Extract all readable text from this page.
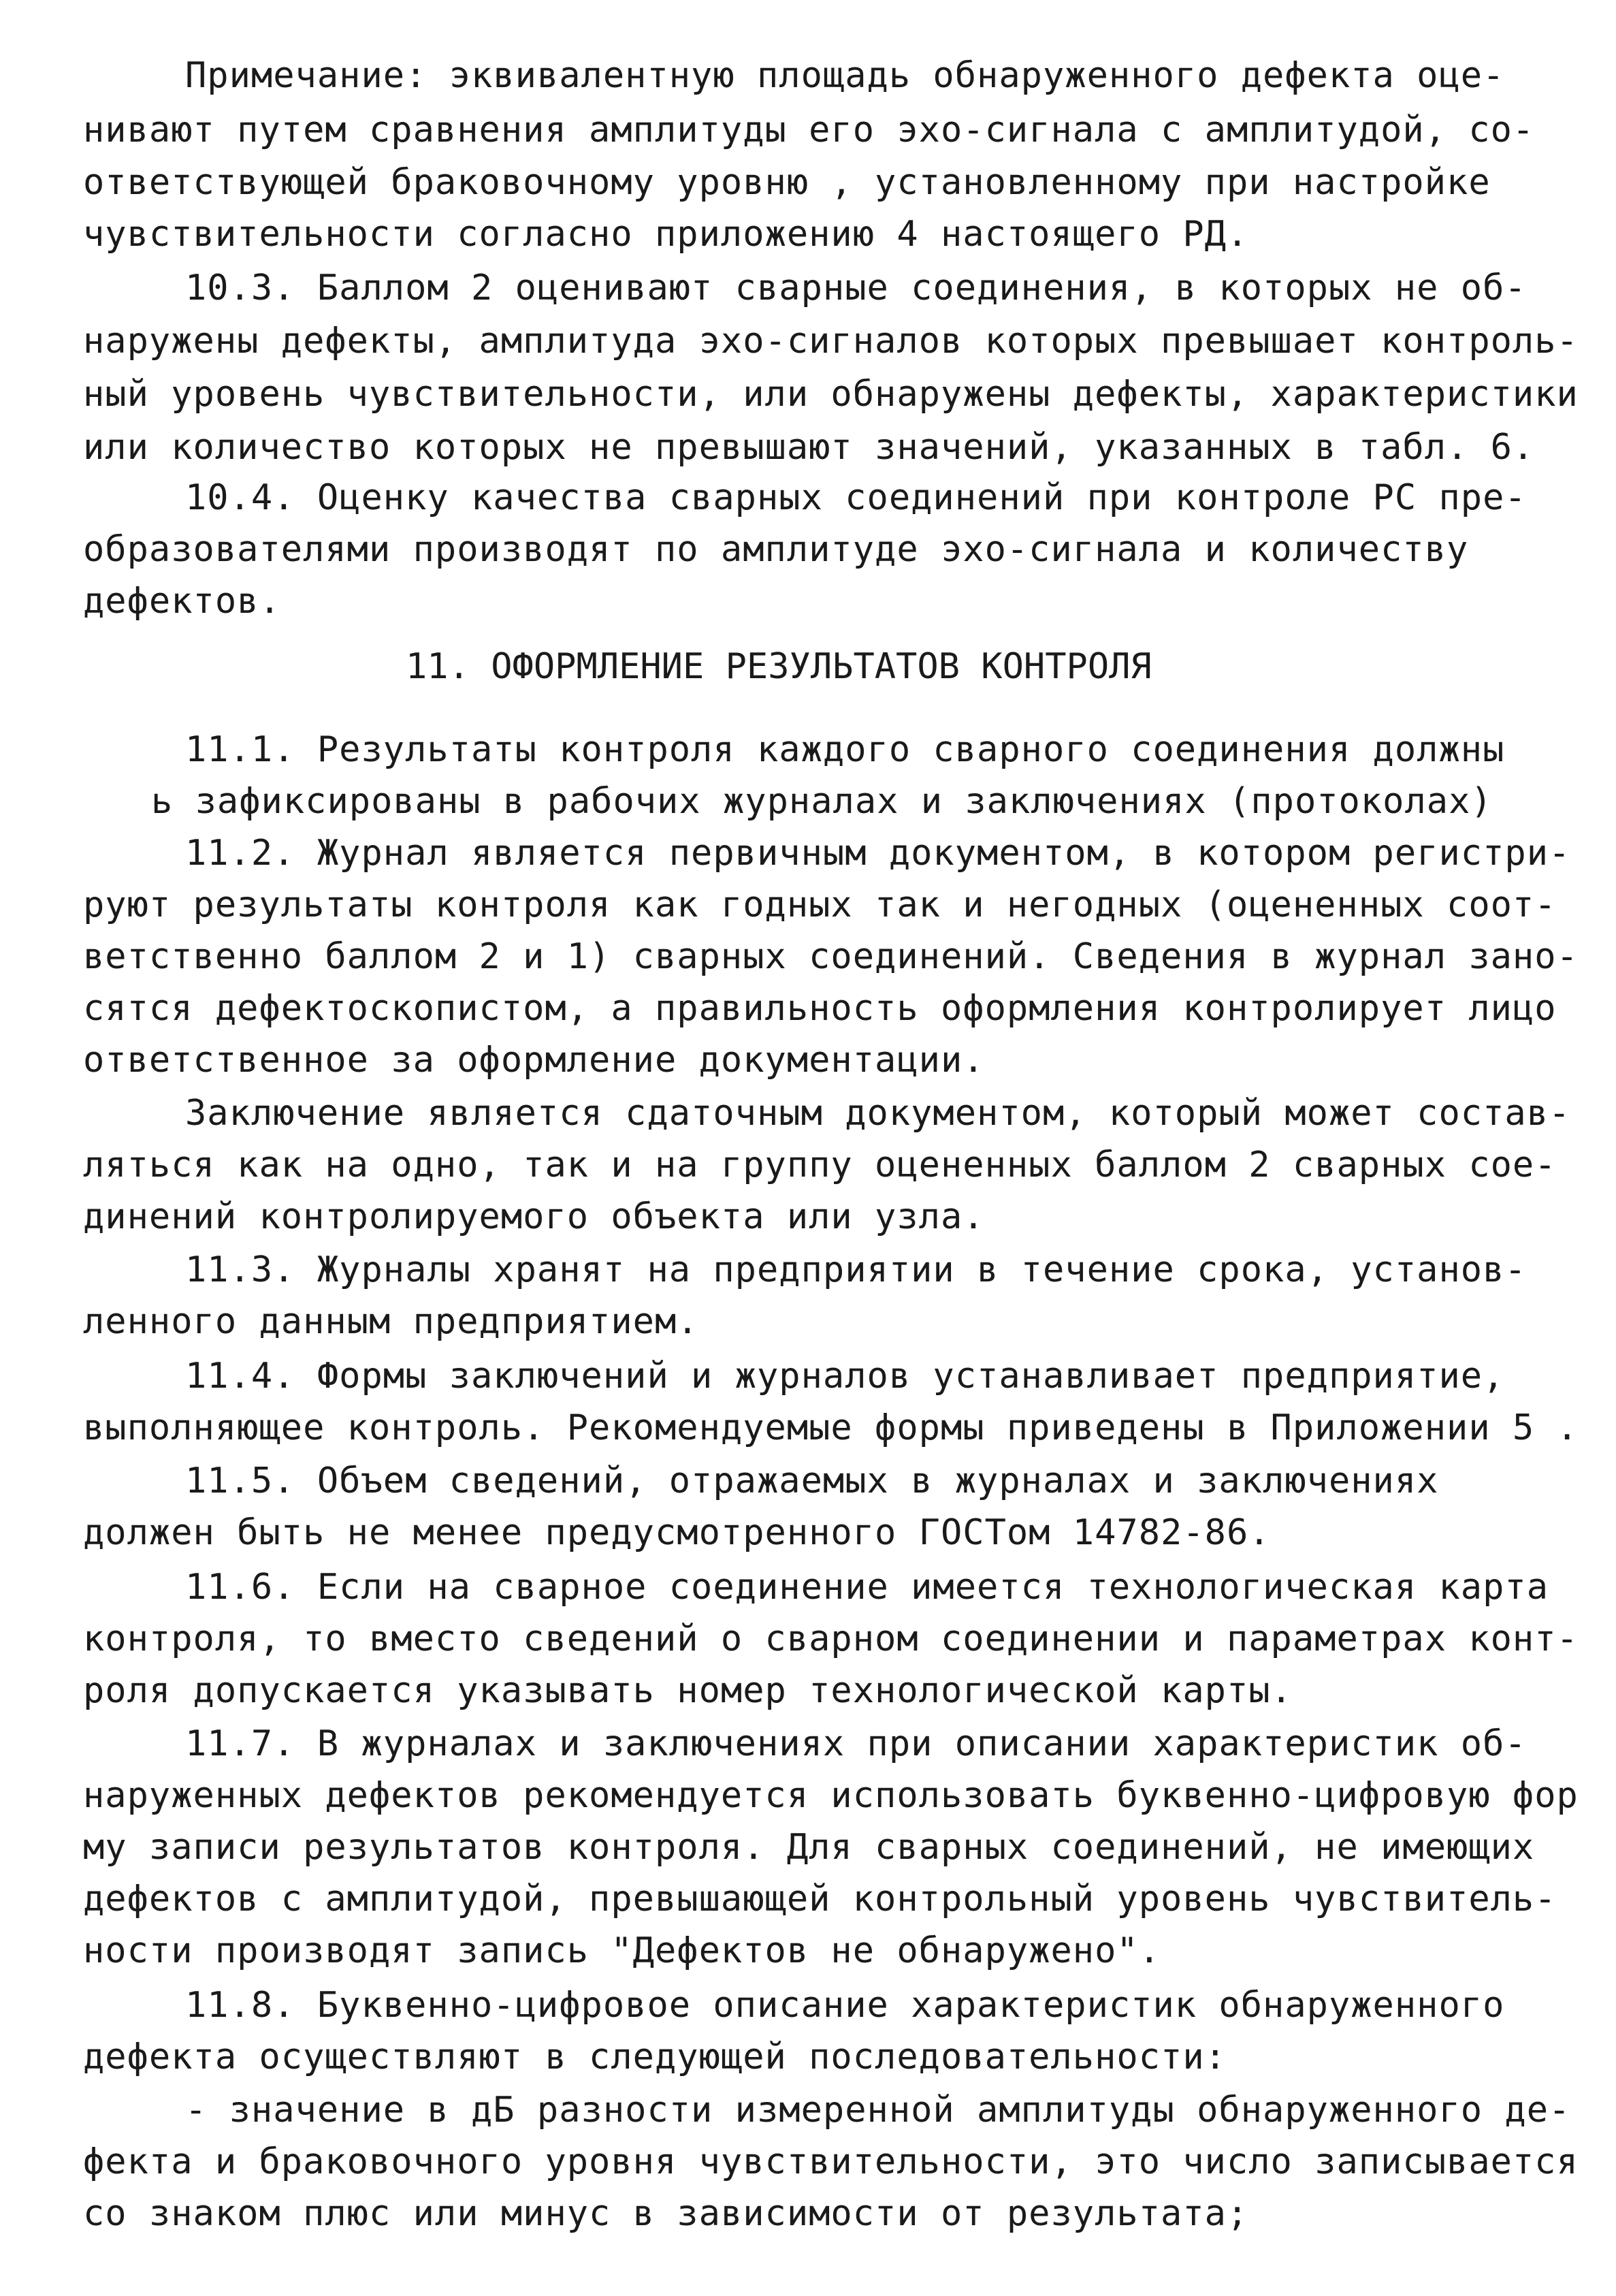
Примечание: эквивалентную площадь обнаруженного дефекта оце-
нивают путем сравнения амплитуды его эхо-сигнала с амплитудой, со-
ответствующей браковочному уровню , установленному при настройке
чувствительности согласно приложению 4 настоящего РД.
10.3. Баллом 2 оценивают сварные соединения, в которых не об-
наружены дефекты, амплитуда эхо-сигналов которых превышает контроль-
ный уровень чувствительности, или обнаружены дефекты, характеристики
или количество которых не превышают значений, указанных в табл. 6.
10.4. Оценку качества сварных соединений при контроле РС пре-
образователями производят по амплитуде эхо-сигнала и количеству
дефектов.
11. ОФОРМЛЕНИЕ РЕЗУЛЬТАТОВ КОНТРОЛЯ
11.1. Результаты контроля каждого сварного соединения должны
ь зафиксированы в рабочих журналах и заключениях (протоколах)
11.2. Журнал является первичным документом, в котором регистри-
руют результаты контроля как годных так и негодных (оцененных соот-
ветственно баллом 2 и 1) сварных соединений. Сведения в журнал зано-
сятся дефектоскопистом, а правильность оформления контролирует лицо
ответственное за оформление документации.
Заключение является сдаточным документом, который может состав-
ляться как на одно, так и на группу оцененных баллом 2 сварных сое-
динений контролируемого объекта или узла.
11.3. Журналы хранят на предприятии в течение срока, установ-
ленного данным предприятием.
11.4. Формы заключений и журналов устанавливает предприятие,
выполняющее контроль. Рекомендуемые формы приведены в Приложении 5 .
11.5. Объем сведений, отражаемых в журналах и заключениях
должен быть не менее предусмотренного ГОСТом 14782-86.
11.6. Если на сварное соединение имеется технологическая карта
контроля, то вместо сведений о сварном соединении и параметрах конт-
роля допускается указывать номер технологической карты.
11.7. В журналах и заключениях при описании характеристик об-
наруженных дефектов рекомендуется использовать буквенно-цифровую фор
му записи результатов контроля. Для сварных соединений, не имеющих
дефектов с амплитудой, превышающей контрольный уровень чувствитель-
ности производят запись "Дефектов не обнаружено".
11.8. Буквенно-цифровое описание характеристик обнаруженного
дефекта осуществляют в следующей последовательности:
- значение в дБ разности измеренной амплитуды обнаруженного де-
фекта и браковочного уровня чувствительности, это число записывается
со знаком плюс или минус в зависимости от результата;
